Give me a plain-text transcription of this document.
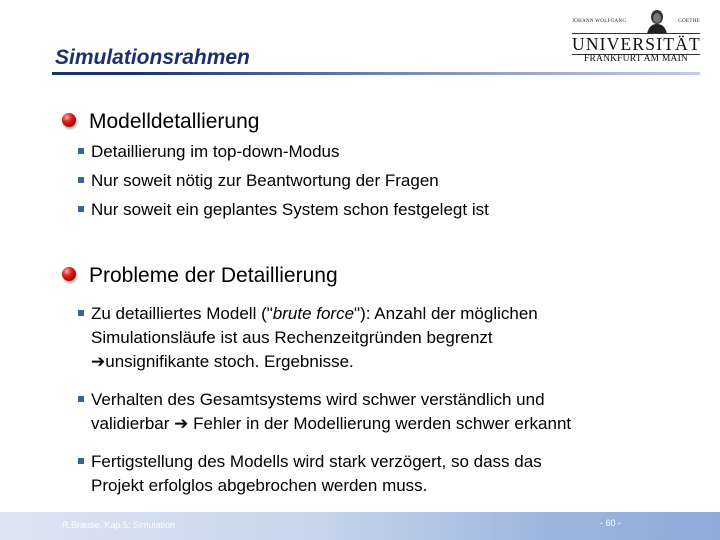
Simulationsrahmen
JOHANN WOLFGANG	GOETHE
UNIVERSITÄT
FRANKFURT AM MAIN
Modelldetallierung
Detaillierung im top-down-Modus
Nur soweit nötig zur Beantwortung der Fragen
Nur soweit ein geplantes System schon festgelegt ist
Probleme der Detaillierung
Zu detailliertes Modell ("brute force"): Anzahl der möglichen
Simulationsläufe ist aus Rechenzeitgründen begrenzt
➔unsignifikante stoch. Ergebnisse.
Verhalten des Gesamtsystems wird schwer verständlich und
validierbar ➔ Fehler in der Modellierung werden schwer erkannt
Fertigstellung des Modells wird stark verzögert, so dass das
Projekt erfolglos abgebrochen werden muss.
R.Brause, Kap.5: Simulation	- 60 -
